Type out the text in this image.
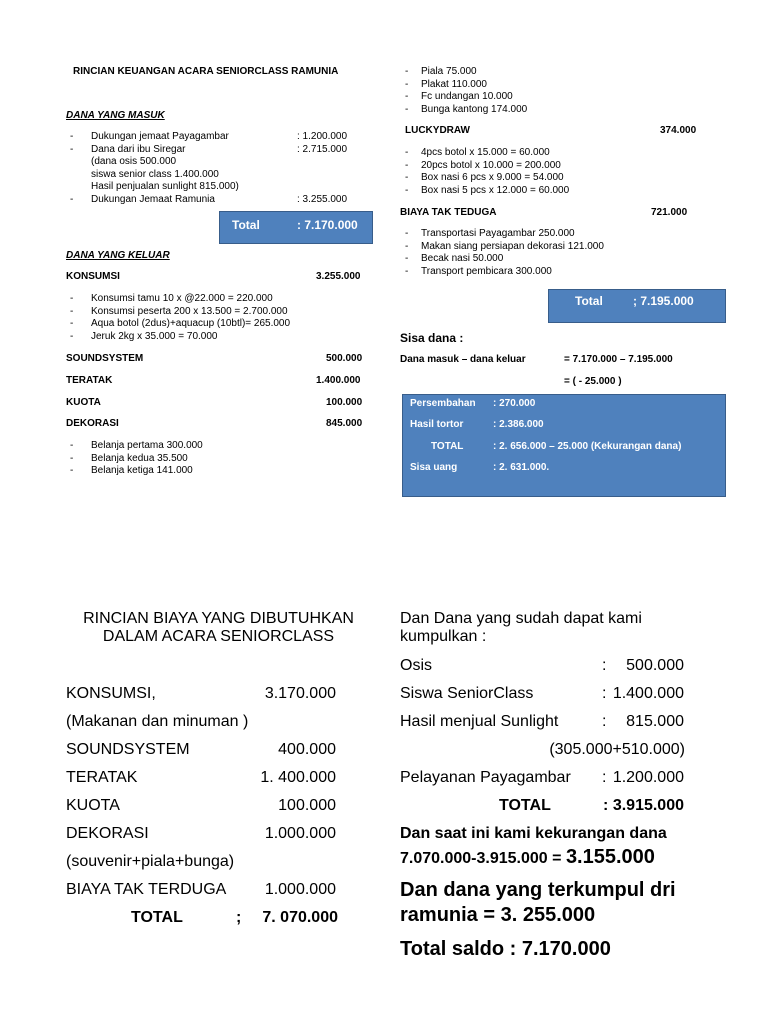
RINCIAN KEUANGAN ACARA SENIORCLASS RAMUNIA
DANA YANG MASUK
- Dukungan jemaat Payagambar	: 1.200.000
- Dana dari ibu Siregar	: 2.715.000
(dana osis 500.000
siswa senior class 1.400.000
Hasil penjualan sunlight 815.000)
- Dukungan Jemaat Ramunia	: 3.255.000
Total	: 7.170.000
DANA YANG KELUAR
KONSUMSI	3.255.000
- Konsumsi tamu 10 x @22.000 = 220.000
- Konsumsi peserta 200 x 13.500 = 2.700.000
- Aqua botol (2dus)+aquacup (10btl)= 265.000
- Jeruk 2kg x 35.000 = 70.000
SOUNDSYSTEM	500.000
TERATAK	1.400.000
KUOTA	100.000
DEKORASI	845.000
- Belanja pertama 300.000
- Belanja kedua 35.500
- Belanja ketiga 141.000
- Piala 75.000
- Plakat 110.000
- Fc undangan 10.000
- Bunga kantong 174.000
LUCKYDRAW	374.000
- 4pcs botol x 15.000 = 60.000
- 20pcs botol x 10.000 = 200.000
- Box nasi 6 pcs x 9.000 = 54.000
- Box nasi 5 pcs x 12.000 = 60.000
BIAYA TAK TEDUGA	721.000
- Transportasi Payagambar 250.000
- Makan siang persiapan dekorasi 121.000
- Becak nasi 50.000
- Transport pembicara 300.000
Total	; 7.195.000
Sisa dana :
Dana masuk – dana keluar	= 7.170.000 – 7.195.000
= ( - 25.000 )
Persembahan : 270.000
Hasil tortor	: 2.386.000
TOTAL	: 2. 656.000 – 25.000 (Kekurangan dana)
Sisa uang	: 2. 631.000.
RINCIAN BIAYA YANG DIBUTUHKAN
DALAM ACARA SENIORCLASS
KONSUMSI,	3.170.000
(Makanan dan minuman )
SOUNDSYSTEM	400.000
TERATAK	1. 400.000
KUOTA	100.000
DEKORASI	1.000.000
(souvenir+piala+bunga)
BIAYA TAK TERDUGA 1.000.000
TOTAL	; 7. 070.000
Dan Dana yang sudah dapat kami
kumpulkan :
Osis	: 500.000
Siswa SeniorClass	: 1.400.000
Hasil menjual Sunlight	: 815.000
(305.000+510.000)
Pelayanan Payagambar : 1.200.000
TOTAL	: 3.915.000
Dan saat ini kami kekurangan dana
7.070.000-3.915.000 = 3.155.000
Dan dana yang terkumpul dri
ramunia = 3. 255.000
Total saldo : 7.170.000
